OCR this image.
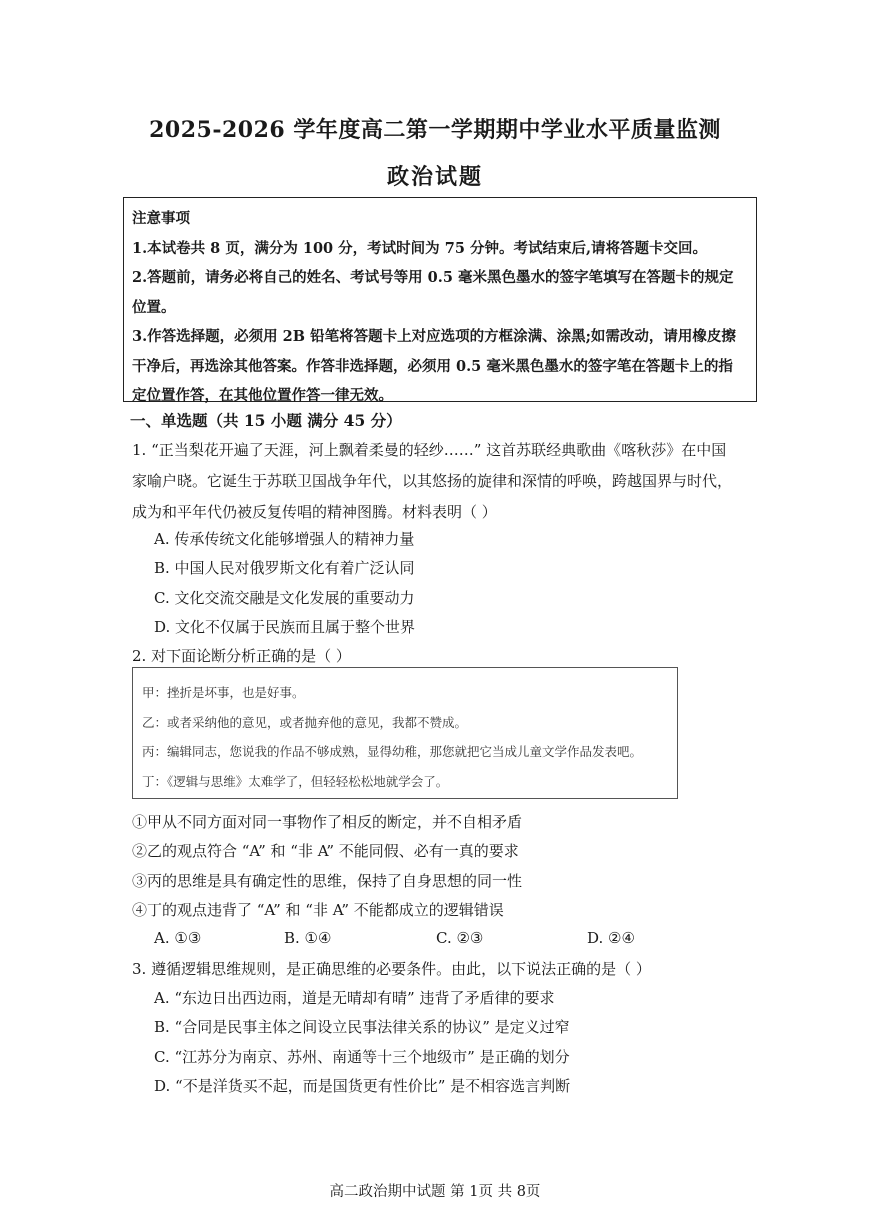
2025-2026 学年度高二第一学期期中学业水平质量监测
政治试题

注意事项

1.本试卷共 8 页，满分为 100 分，考试时间为 75 分钟。考试结束后,请将答题卡交回。

2.答题前，请务必将自己的姓名、考试号等用 0.5 毫米黑色墨水的签字笔填写在答题卡的规定

位置。

3.作答选择题，必须用 2B 铅笔将答题卡上对应选项的方框涂满、涂黑;如需改动，请用橡皮擦

干净后，再选涂其他答案。作答非选择题，必须用 0.5 毫米黑色墨水的签字笔在答题卡上的指

定位置作答，在其他位置作答一律无效。

一、单选题（共 15 小题 满分 45 分）

1. “正当梨花开遍了天涯，河上飘着柔曼的轻纱……” 这首苏联经典歌曲《喀秋莎》在中国

家喻户晓。它诞生于苏联卫国战争年代，以其悠扬的旋律和深情的呼唤，跨越国界与时代，

成为和平年代仍被反复传唱的精神图腾。材料表明（ ）

A. 传承传统文化能够增强人的精神力量
B. 中国人民对俄罗斯文化有着广泛认同
C. 文化交流交融是文化发展的重要动力
D. 文化不仅属于民族而且属于整个世界
2. 对下面论断分析正确的是（ ）

甲：挫折是坏事，也是好事。

乙：或者采纳他的意见，或者抛弃他的意见，我都不赞成。

丙：编辑同志，您说我的作品不够成熟，显得幼稚，那您就把它当成儿童文学作品发表吧。

丁：《逻辑与思维》太难学了，但轻轻松松地就学会了。

①甲从不同方面对同一事物作了相反的断定，并不自相矛盾
②乙的观点符合 “A” 和 “非 A” 不能同假、必有一真的要求
③丙的思维是具有确定性的思维，保持了自身思想的同一性
④丁的观点违背了 “A” 和 “非 A” 不能都成立的逻辑错误
A. ①③	B. ①④	C. ②③	D. ②④
3. 遵循逻辑思维规则，是正确思维的必要条件。由此，以下说法正确的是（ ）
A. “东边日出西边雨，道是无晴却有晴” 违背了矛盾律的要求
B. “合同是民事主体之间设立民事法律关系的协议” 是定义过窄
C. “江苏分为南京、苏州、南通等十三个地级市” 是正确的划分
D. “不是洋货买不起，而是国货更有性价比” 是不相容选言判断
高二政治期中试题 第 1页 共 8页
